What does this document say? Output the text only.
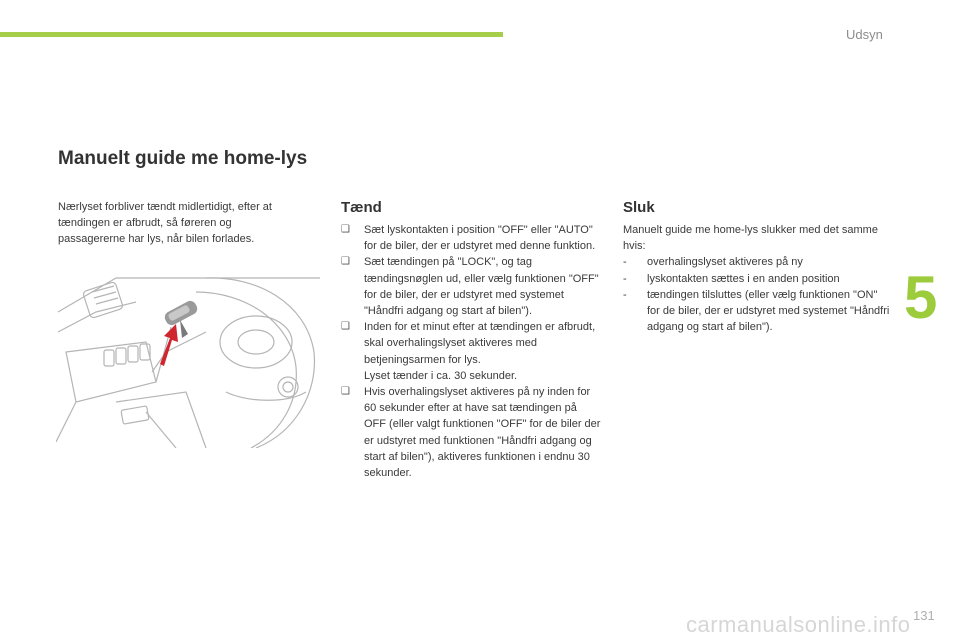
Udsyn
5
Manuelt guide me home-lys

Nærlyset forbliver tændt midlertidigt, efter at tændingen er afbrudt, så føreren og passagererne har lys, når bilen forlades.

Tænd
❑	Sæt lyskontakten i position "OFF" eller "AUTO" for de biler, der er udstyret med denne funktion.
❑	Sæt tændingen på "LOCK", og tag tændingsnøglen ud, eller vælg funktionen "OFF" for de biler, der er udstyret med systemet "Håndfri adgang og start af bilen").
❑	Inden for et minut efter at tændingen er afbrudt, skal overhalingslyset aktiveres med betjeningsarmen for lys.
Lyset tænder i ca. 30 sekunder.
❑	Hvis overhalingslyset aktiveres på ny inden for 60 sekunder efter at have sat tændingen på OFF (eller valgt funktionen "OFF" for de biler der er udstyret med funktionen "Håndfri adgang og start af bilen"), aktiveres funktionen i endnu 30 sekunder.
Sluk

Manuelt guide me home-lys slukker med det samme hvis:

- overhalingslyset aktiveres på ny
- lyskontakten sættes i en anden position
- tændingen tilsluttes (eller vælg funktionen "ON" for de biler, der er udstyret med systemet "Håndfri adgang og start af bilen").
carmanualsonline.info 131
